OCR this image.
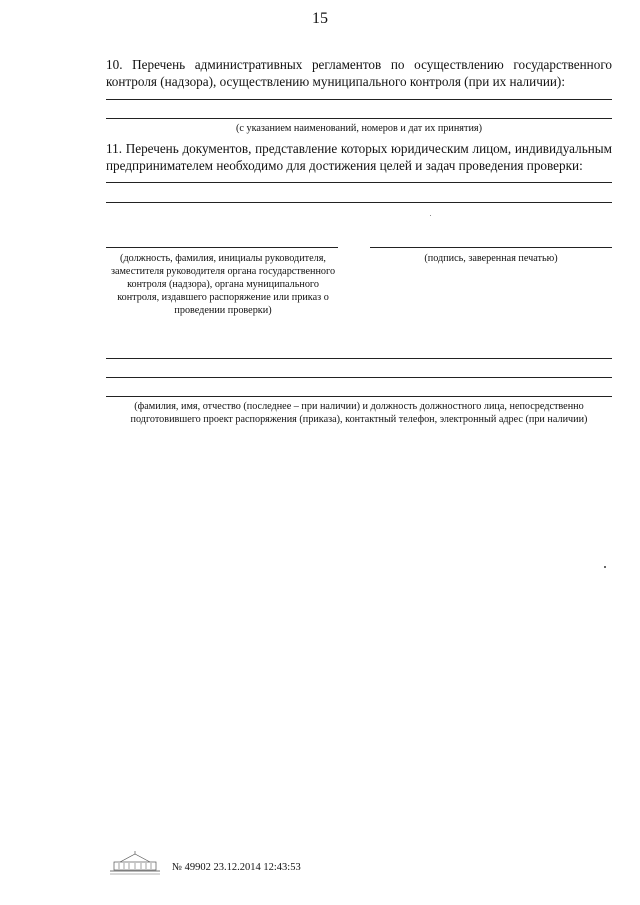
15
10. Перечень административных регламентов по осуществлению государственного контроля (надзора), осуществлению муниципального контроля (при их наличии):
(с указанием наименований, номеров и дат их принятия)
11. Перечень документов, представление которых юридическим лицом, индивидуальным предпринимателем необходимо для достижения целей и задач проведения проверки:
(должность, фамилия, инициалы руководителя, заместителя руководителя органа государственного контроля (надзора), органа муниципального контроля, издавшего распоряжение или приказ о проведении проверки)
(подпись, заверенная печатью)
(фамилия, имя, отчество (последнее – при наличии) и должность должностного лица, непосредственно подготовившего проект распоряжения (приказа), контактный телефон, электронный адрес (при наличии)
№ 49902 23.12.2014 12:43:53
